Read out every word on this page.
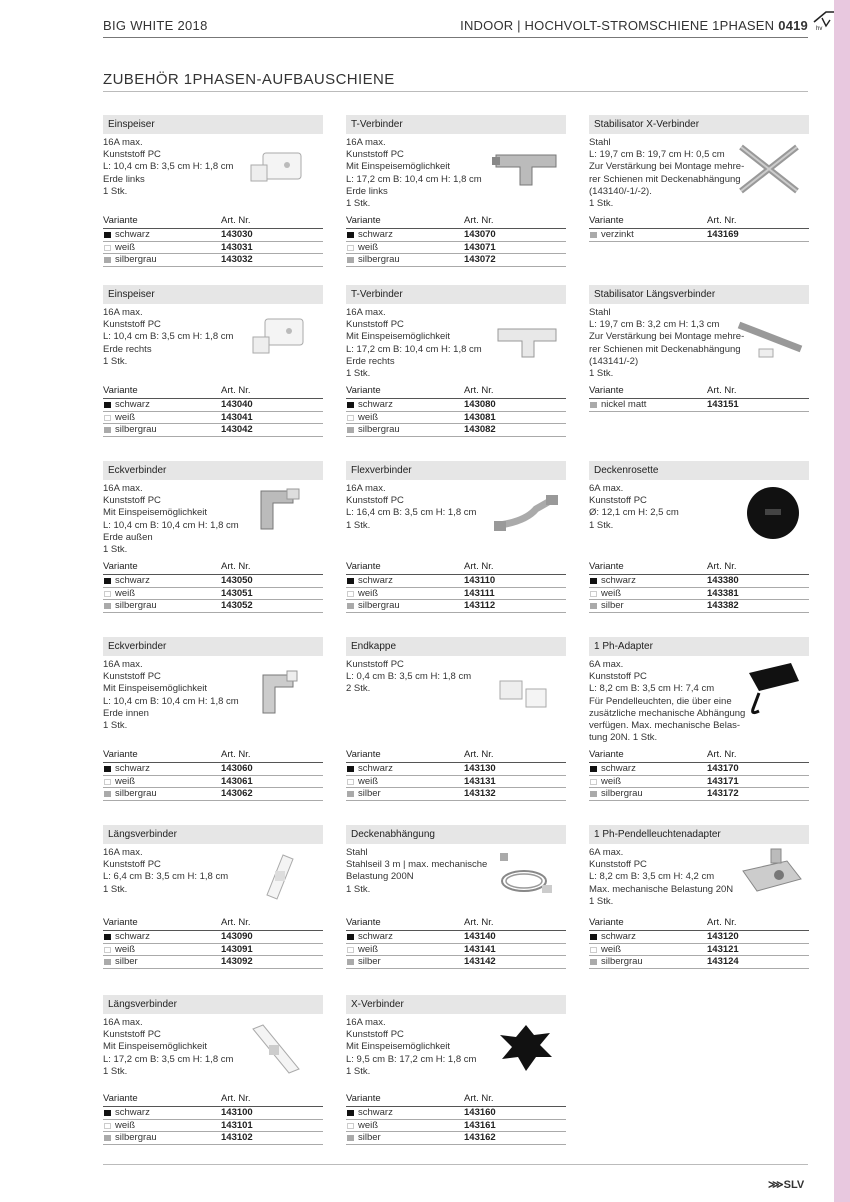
BIG WHITE 2018	INDOOR | HOCHVOLT-STROMSCHIENE 1PHASEN 0419 hv
ZUBEHÖR 1PHASEN-AUFBAUSCHIENE
Einspeiser
16A max.
Kunststoff PC
L: 10,4 cm B: 3,5 cm H: 1,8 cm
Erde links
1 Stk.
Variante	Art. Nr.
schwarz	143030
weiß	143031
silbergrau	143032
T-Verbinder
16A max.
Kunststoff PC
Mit Einspeisemöglichkeit
L: 17,2 cm B: 10,4 cm H: 1,8 cm
Erde links
1 Stk.
Variante	Art. Nr.
schwarz	143070
weiß	143071
silbergrau	143072
Stabilisator X-Verbinder
Stahl
L: 19,7 cm B: 19,7 cm H: 0,5 cm
Zur Verstärkung bei Montage mehre-
rer Schienen mit Deckenabhängung
(143140/-1/-2).
1 Stk.
Variante	Art. Nr.
verzinkt	143169
Einspeiser
16A max.
Kunststoff PC
L: 10,4 cm B: 3,5 cm H: 1,8 cm
Erde rechts
1 Stk.
Variante	Art. Nr.
schwarz	143040
weiß	143041
silbergrau	143042
T-Verbinder
16A max.
Kunststoff PC
Mit Einspeisemöglichkeit
L: 17,2 cm B: 10,4 cm H: 1,8 cm
Erde rechts
1 Stk.
Variante	Art. Nr.
schwarz	143080
weiß	143081
silbergrau	143082
Stabilisator Längsverbinder
Stahl
L: 19,7 cm B: 3,2 cm H: 1,3 cm
Zur Verstärkung bei Montage mehre-
rer Schienen mit Deckenabhängung
(143141/-2)
1 Stk.
Variante	Art. Nr.
nickel matt	143151
Eckverbinder
16A max.
Kunststoff PC
Mit Einspeisemöglichkeit
L: 10,4 cm B: 10,4 cm H: 1,8 cm
Erde außen
1 Stk.
Variante	Art. Nr.
schwarz	143050
weiß	143051
silbergrau	143052
Flexverbinder
16A max.
Kunststoff PC
L: 16,4 cm B: 3,5 cm H: 1,8 cm
1 Stk.
Variante	Art. Nr.
schwarz	143110
weiß	143111
silbergrau	143112
Deckenrosette
6A max.
Kunststoff PC
Ø: 12,1 cm H: 2,5 cm
1 Stk.
Variante	Art. Nr.
schwarz	143380
weiß	143381
silber	143382
Eckverbinder
16A max.
Kunststoff PC
Mit Einspeisemöglichkeit
L: 10,4 cm B: 10,4 cm H: 1,8 cm
Erde innen
1 Stk.
Variante	Art. Nr.
schwarz	143060
weiß	143061
silbergrau	143062
Endkappe
Kunststoff PC
L: 0,4 cm B: 3,5 cm H: 1,8 cm
2 Stk.
Variante	Art. Nr.
schwarz	143130
weiß	143131
silber	143132
1 Ph-Adapter
6A max.
Kunststoff PC
L: 8,2 cm B: 3,5 cm H: 7,4 cm
Für Pendelleuchten, die über eine
zusätzliche mechanische Abhängung
verfügen. Max. mechanische Belas-
tung 20N. 1 Stk.
Variante	Art. Nr.
schwarz	143170
weiß	143171
silbergrau	143172
Längsverbinder
16A max.
Kunststoff PC
L: 6,4 cm B: 3,5 cm H: 1,8 cm
1 Stk.
Variante	Art. Nr.
schwarz	143090
weiß	143091
silber	143092
Deckenabhängung
Stahl
Stahlseil 3 m | max. mechanische
Belastung 200N
1 Stk.
Variante	Art. Nr.
schwarz	143140
weiß	143141
silber	143142
1 Ph-Pendelleuchtenadapter
6A max.
Kunststoff PC
L: 8,2 cm B: 3,5 cm H: 4,2 cm
Max. mechanische Belastung 20N
1 Stk.
Variante	Art. Nr.
schwarz	143120
weiß	143121
silbergrau	143124
Längsverbinder
16A max.
Kunststoff PC
Mit Einspeisemöglichkeit
L: 17,2 cm B: 3,5 cm H: 1,8 cm
1 Stk.
Variante	Art. Nr.
schwarz	143100
weiß	143101
silbergrau	143102
X-Verbinder
16A max.
Kunststoff PC
Mit Einspeisemöglichkeit
L: 9,5 cm B: 17,2 cm H: 1,8 cm
1 Stk.
Variante	Art. Nr.
schwarz	143160
weiß	143161
silber	143162
⋙SLV
